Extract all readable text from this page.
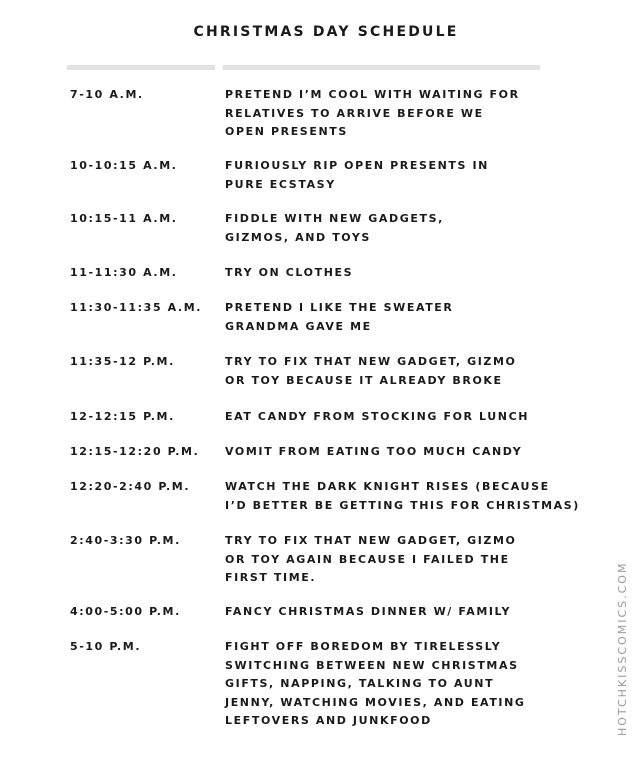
CHRISTMAS DAY SCHEDULE
7-10 A.M.	PRETEND I’M COOL WITH WAITING FOR
RELATIVES TO ARRIVE BEFORE WE
OPEN PRESENTS
10-10:15 A.M.	FURIOUSLY RIP OPEN PRESENTS IN
PURE ECSTASY
10:15-11 A.M.	FIDDLE WITH NEW GADGETS,
GIZMOS, AND TOYS
11-11:30 A.M.	TRY ON CLOTHES
11:30-11:35 A.M. PRETEND I LIKE THE SWEATER
GRANDMA GAVE ME
11:35-12 P.M.	TRY TO FIX THAT NEW GADGET, GIZMO
OR TOY BECAUSE IT ALREADY BROKE
12-12:15 P.M.	EAT CANDY FROM STOCKING FOR LUNCH
12:15-12:20 P.M. VOMIT FROM EATING TOO MUCH CANDY
12:20-2:40 P.M.	WATCH THE DARK KNIGHT RISES (BECAUSE
I’D BETTER BE GETTING THIS FOR CHRISTMAS)
2:40-3:30 P.M.	TRY TO FIX THAT NEW GADGET, GIZMO
OR TOY AGAIN BECAUSE I FAILED THE
FIRST TIME.
4:00-5:00 P.M.	FANCY CHRISTMAS DINNER W/ FAMILY
5-10 P.M.	FIGHT OFF BOREDOM BY TIRELESSLY
SWITCHING BETWEEN NEW CHRISTMAS
GIFTS, NAPPING, TALKING TO AUNT
JENNY, WATCHING MOVIES, AND EATING
LEFTOVERS AND JUNKFOOD	HOTCHKISSCOMICS.COM
